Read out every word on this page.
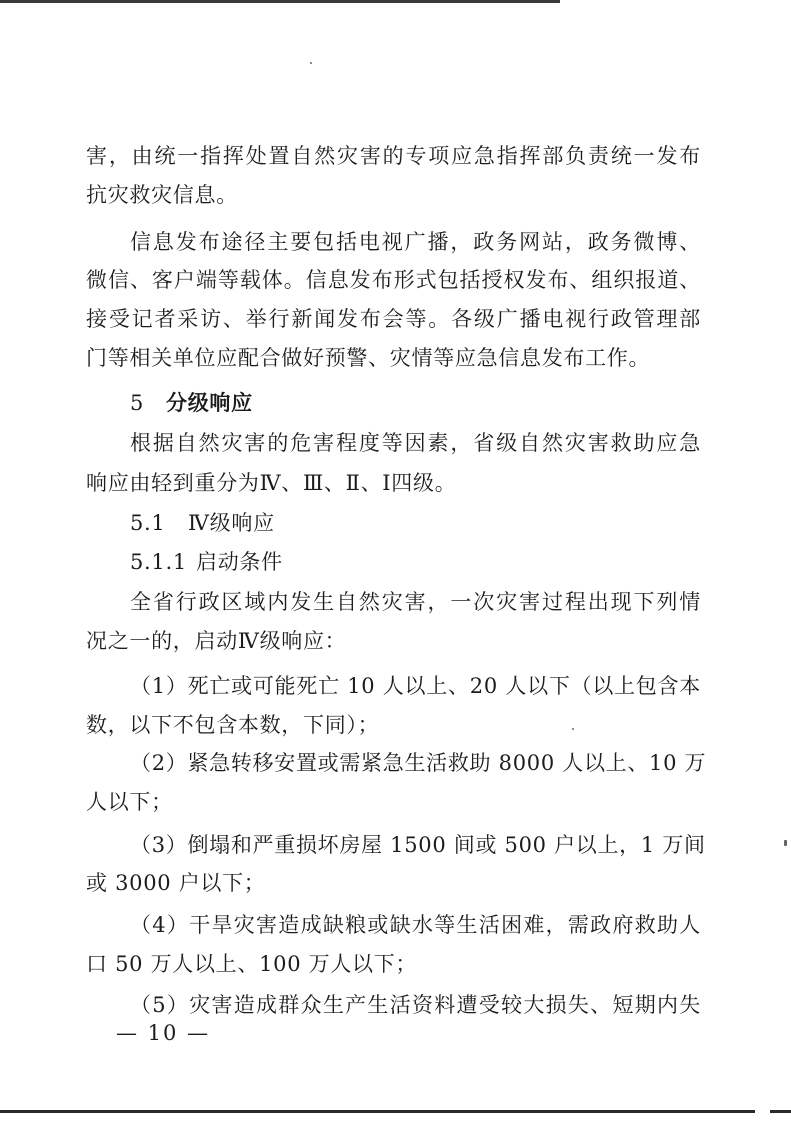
害，由统一指挥处置自然灾害的专项应急指挥部负责统一发布
抗灾救灾信息。
信息发布途径主要包括电视广播，政务网站，政务微博、
微信、客户端等载体。信息发布形式包括授权发布、组织报道、
接受记者采访、举行新闻发布会等。各级广播电视行政管理部
门等相关单位应配合做好预警、灾情等应急信息发布工作。
5 分级响应
根据自然灾害的危害程度等因素，省级自然灾害救助应急
响应由轻到重分为Ⅳ、Ⅲ、Ⅱ、Ⅰ四级。
5.1 Ⅳ级响应
5.1.1 启动条件
全省行政区域内发生自然灾害，一次灾害过程出现下列情
况之一的，启动Ⅳ级响应：
（1）死亡或可能死亡 10 人以上、20 人以下（以上包含本
数，以下不包含本数，下同）；
（2）紧急转移安置或需紧急生活救助 8000 人以上、10 万
人以下；
（3）倒塌和严重损坏房屋 1500 间或 500 户以上，1 万间
或 3000 户以下；
（4）干旱灾害造成缺粮或缺水等生活困难，需政府救助人
口 50 万人以上、100 万人以下；
（5）灾害造成群众生产生活资料遭受较大损失、短期内失
— 10 —
